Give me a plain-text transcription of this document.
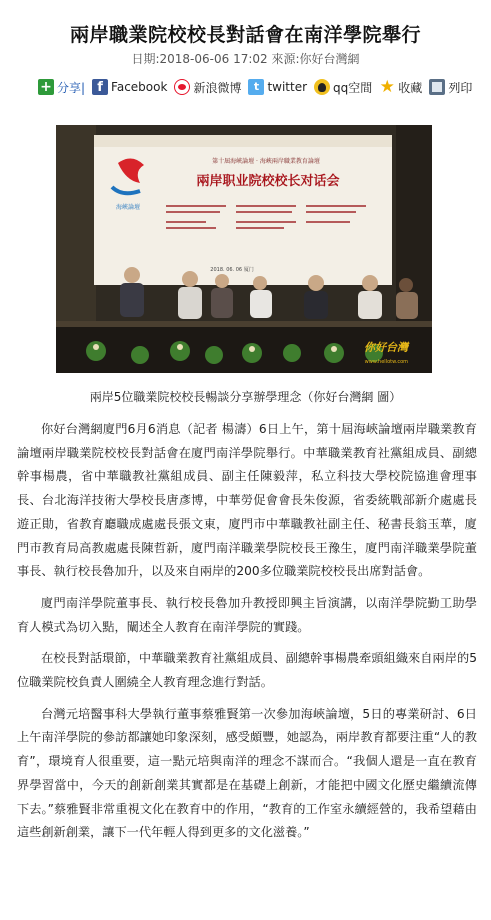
兩岸職業院校校長對話會在南洋學院舉行
日期:2018-06-06 17:02 來源:你好台灣網
+ 分享| f Facebook 新浪微博	t twitter qq空間 ★ 收藏 列印
海峽論壇
第十屆海峽論壇 · 海峽兩岸職業教育論壇
兩岸职业院校校长对话会
2018. 06. 06 厦门
你好台灣
www.hellotw.com
兩岸5位職業院校校長暢談分享辦學理念（你好台灣網 圖）

你好台灣網廈門6月6消息（記者 楊濤）6日上午，第十屆海峽論壇兩岸職業教育論壇兩岸職業院校校長對話會在廈門南洋學院舉行。中華職業教育社黨組成員、副總幹事楊農，省中華職教社黨組成員、副主任陳毅萍，私立科技大學校院協進會理事長、台北海洋技術大學校長唐彥博，中華勞促會會長朱俊源，省委統戰部新介處處長遊正勛，省教育廳職成處處長張文東，廈門市中華職教社副主任、秘書長翁玉華，廈門市教育局高教處處長陳哲新，廈門南洋職業學院校長王豫生，廈門南洋職業學院董事長、執行校長魯加升，以及來自兩岸的200多位職業院校校長出席對話會。

廈門南洋學院董事長、執行校長魯加升教授即興主旨演講，以南洋學院勤工助學育人模式為切入點，闡述全人教育在南洋學院的實踐。

在校長對話環節，中華職業教育社黨組成員、副總幹事楊農牽頭組織來自兩岸的5位職業院校負責人圍繞全人教育理念進行對話。

台灣元培醫事科大學執行董事蔡雅賢第一次參加海峽論壇，5日的專業研討、6日上午南洋學院的參訪都讓她印象深刻，感受頗豐，她認為，兩岸教育都要注重“人的教育”，環境育人很重要，這一點元培與南洋的理念不謀而合。“我個人還是一直在教育界學習當中，今天的創新創業其實都是在基礎上創新，才能把中國文化歷史繼續流傳下去。”蔡雅賢非常重視文化在教育中的作用，“教育的工作室永續經營的，我希望藉由這些創新創業，讓下一代年輕人得到更多的文化滋養。”
